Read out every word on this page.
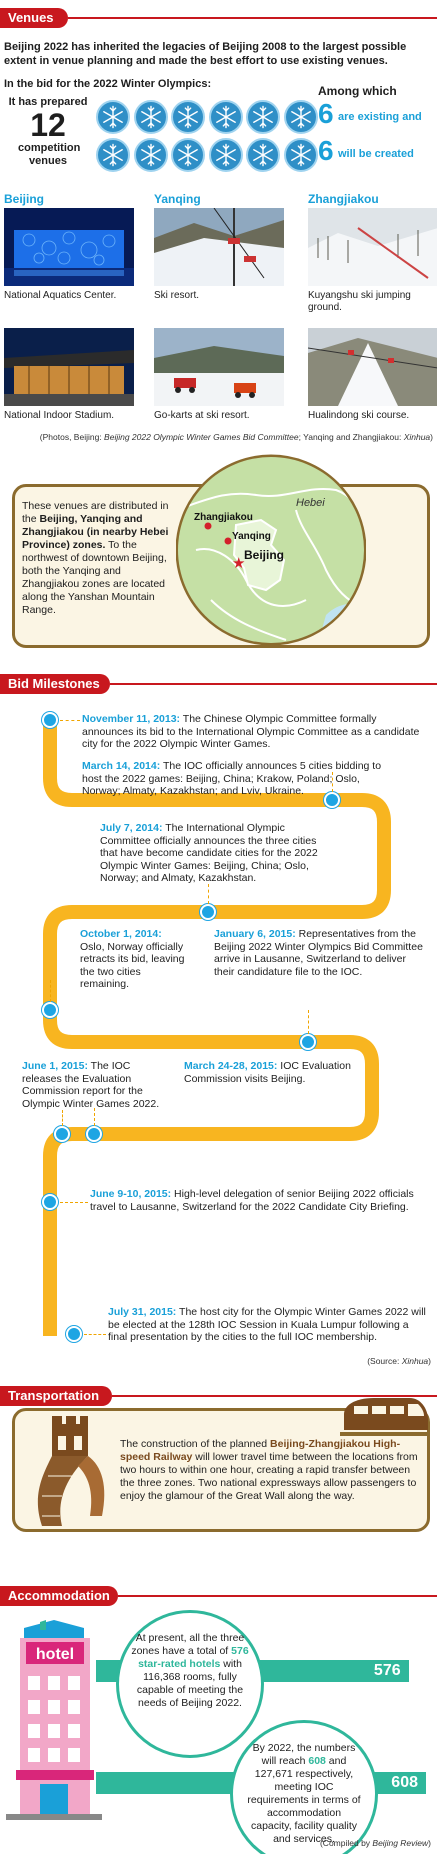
Venues
Beijing 2022 has inherited the legacies of Beijing 2008 to the largest possible extent in venue planning and made the best effort to use existing venues.
In the bid for the 2022 Winter Olympics:
It has prepared
12
competition venues
Among which
6 are existing and
6 will be created
Beijing	Yanqing	Zhangjiakou
National Aquatics Center.	Ski resort.	Kuyangshu ski jumping ground.
National Indoor Stadium.	Go-karts at ski resort.	Hualindong ski course.
(Photos, Beijing: Beijing 2022 Olympic Winter Games Bid Committee; Yanqing and Zhangjiakou: Xinhua)
These venues are distributed in the Beijing, Yanqing and Zhangjiakou (in nearby Hebei Province) zones. To the northwest of downtown Beijing, both the Yanqing and Zhangjiakou zones are located along the Yanshan Mountain Range.
Hebei
Zhangjiakou
Yanqing
★
Beijing
Bid Milestones
November 11, 2013: The Chinese Olympic Committee formally announces its bid to the International Olympic Committee as a candidate city for the 2022 Olympic Winter Games.
March 14, 2014: The IOC officially announces 5 cities bidding to host the 2022 games: Beijing, China; Krakow, Poland; Oslo, Norway; Almaty, Kazakhstan; and Lviv, Ukraine.
July 7, 2014: The International Olympic Committee officially announces the three cities that have become candidate cities for the 2022 Olympic Winter Games: Beijing, China; Oslo, Norway; and Almaty, Kazakhstan.
October 1, 2014: Oslo, Norway officially retracts its bid, leaving the two cities remaining.
January 6, 2015: Representatives from the Beijing 2022 Winter Olympics Bid Committee arrive in Lausanne, Switzerland to deliver their candidature file to the IOC.
June 1, 2015: The IOC releases the Evaluation Commission report for the Olympic Winter Games 2022.
March 24-28, 2015: IOC Evaluation Commission visits Beijing.
June 9-10, 2015: High-level delegation of senior Beijing 2022 officials travel to Lausanne, Switzerland for the 2022 Candidate City Briefing.
July 31, 2015: The host city for the Olympic Winter Games 2022 will be elected at the 128th IOC Session in Kuala Lumpur following a final presentation by the cities to the full IOC membership.
(Source: Xinhua)
Transportation
The construction of the planned Beijing-Zhangjiakou High-speed Railway will lower travel time between the locations from two hours to within one hour, creating a rapid transfer between the three zones. Two national expressways allow passengers to enjoy the glamour of the Great Wall along the way.
Accommodation
hotel
576
608
At present, all the three zones have a total of 576 star-rated hotels with 116,368 rooms, fully capable of meeting the needs of Beijing 2022.
By 2022, the numbers will reach 608 and 127,671 respectively, meeting IOC requirements in terms of accommodation capacity, facility quality and services.
(Compiled by Beijing Review)
